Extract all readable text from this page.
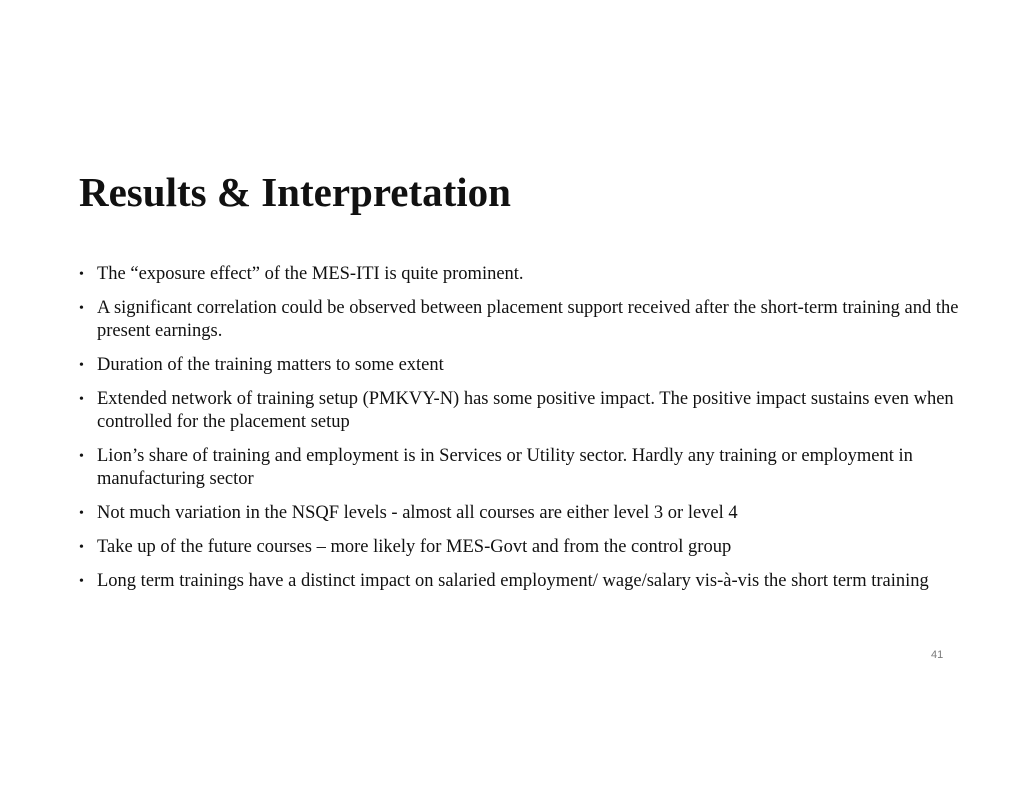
Results & Interpretation
• The “exposure effect” of the MES-ITI is quite prominent.
• A significant correlation could be observed between placement support received after the short-term training and the present earnings.
• Duration of the training matters to some extent
• Extended network of training setup (PMKVY-N) has some positive impact. The positive impact sustains even when controlled for the placement setup
• Lion’s share of training and employment is in Services or Utility sector. Hardly any training or employment in manufacturing sector
• Not much variation in the NSQF levels - almost all courses are either level 3 or level 4
• Take up of the future courses – more likely for MES-Govt and from the control group
• Long term trainings have a distinct impact on salaried employment/ wage/salary vis-à-vis the short term training
41
